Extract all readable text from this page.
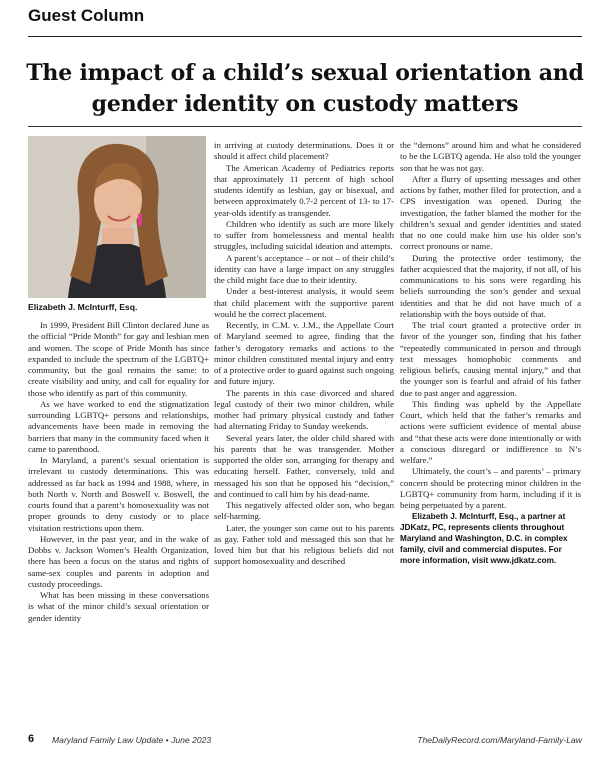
Guest Column
The impact of a child’s sexual orientation and gender identity on custody matters
Elizabeth J. McInturff, Esq.

In 1999, President Bill Clinton declared June as the official “Pride Month” for gay and lesbian men and women. The scope of Pride Month has since expanded to include the spectrum of the LGBTQ+ community, but the goal remains the same: to create visibility and unity, and call for equality for those who identify as part of this community.

As we have worked to end the stigmatization surrounding LGBTQ+ persons and relationships, advancements have been made in removing the barriers that many in the community faced when it came to parenthood.

In Maryland, a parent’s sexual orientation is irrelevant to custody determinations. This was addressed as far back as 1994 and 1988, where, in both North v. North and Boswell v. Boswell, the courts found that a parent’s homosexuality was not proper grounds to deny custody or to place visitation restrictions upon them.

However, in the past year, and in the wake of Dobbs v. Jackson Women’s Health Organization, there has been a focus on the status and rights of same-sex couples and parents in adoption and custody proceedings.

What has been missing in these conversations is what of the minor child’s sexual orientation or gender identity

in arriving at custody determinations. Does it or should it affect child placement?

The American Academy of Pediatrics reports that approximately 11 percent of high school students identify as lesbian, gay or bisexual, and between approximately 0.7-2 percent of 13- to 17-year-olds identify as transgender.

Children who identify as such are more likely to suffer from homelessness and mental health struggles, including suicidal ideation and attempts.

A parent’s acceptance – or not – of their child’s identity can have a large impact on any struggles the child might face due to their identity.

Under a best-interest analysis, it would seem that child placement with the supportive parent would be the correct placement.

Recently, in C.M. v. J.M., the Appellate Court of Maryland seemed to agree, finding that the father’s derogatory remarks and actions to the minor children constituted mental injury and entry of a protective order to guard against such ongoing and future injury.

The parents in this case divorced and shared legal custody of their two minor children, while mother had primary physical custody and father had alternating Friday to Sunday weekends.

Several years later, the older child shared with his parents that he was transgender. Mother supported the older son, arranging for therapy and educating herself. Father, conversely, told and messaged his son that he opposed his “decision,” and continued to call him by his dead-name.

This negatively affected older son, who began self-harming.

Later, the younger son came out to his parents as gay. Father told and messaged this son that he loved him but that his religious beliefs did not support homosexuality and described

the “demons” around him and what he considered to be the LGBTQ agenda. He also told the younger son that he was not gay.

After a flurry of upsetting messages and other actions by father, mother filed for protection, and a CPS investigation was opened. During the investigation, the father blamed the mother for the children’s sexual and gender identities and stated that no one could make him use his older son’s correct pronouns or name.

During the protective order testimony, the father acquiesced that the majority, if not all, of his communications to his sons were regarding his beliefs surrounding the son’s gender and sexual identities and that he did not have much of a relationship with the boys outside of that.

The trial court granted a protective order in favor of the younger son, finding that his father “repeatedly communicated in person and through text messages homophobic comments and religious beliefs, causing mental injury,” and that the younger son is fearful and afraid of his father due to past anger and aggression.

This finding was upheld by the Appellate Court, which held that the father’s remarks and actions were sufficient evidence of mental abuse and “that these acts were done intentionally or with a conscious disregard or indifference to N’s welfare.”

Ultimately, the court’s – and parents’ – primary concern should be protecting minor children in the LGBTQ+ community from harm, including if it is being perpetuated by a parent.

Elizabeth J. McInturff, Esq., a partner at JDKatz, PC, represents clients throughout Maryland and Washington, D.C. in complex family, civil and commercial disputes. For more information, visit www.jdkatz.com.

6 Maryland Family Law Update • June 2023	TheDailyRecord.com/Maryland-Family-Law
